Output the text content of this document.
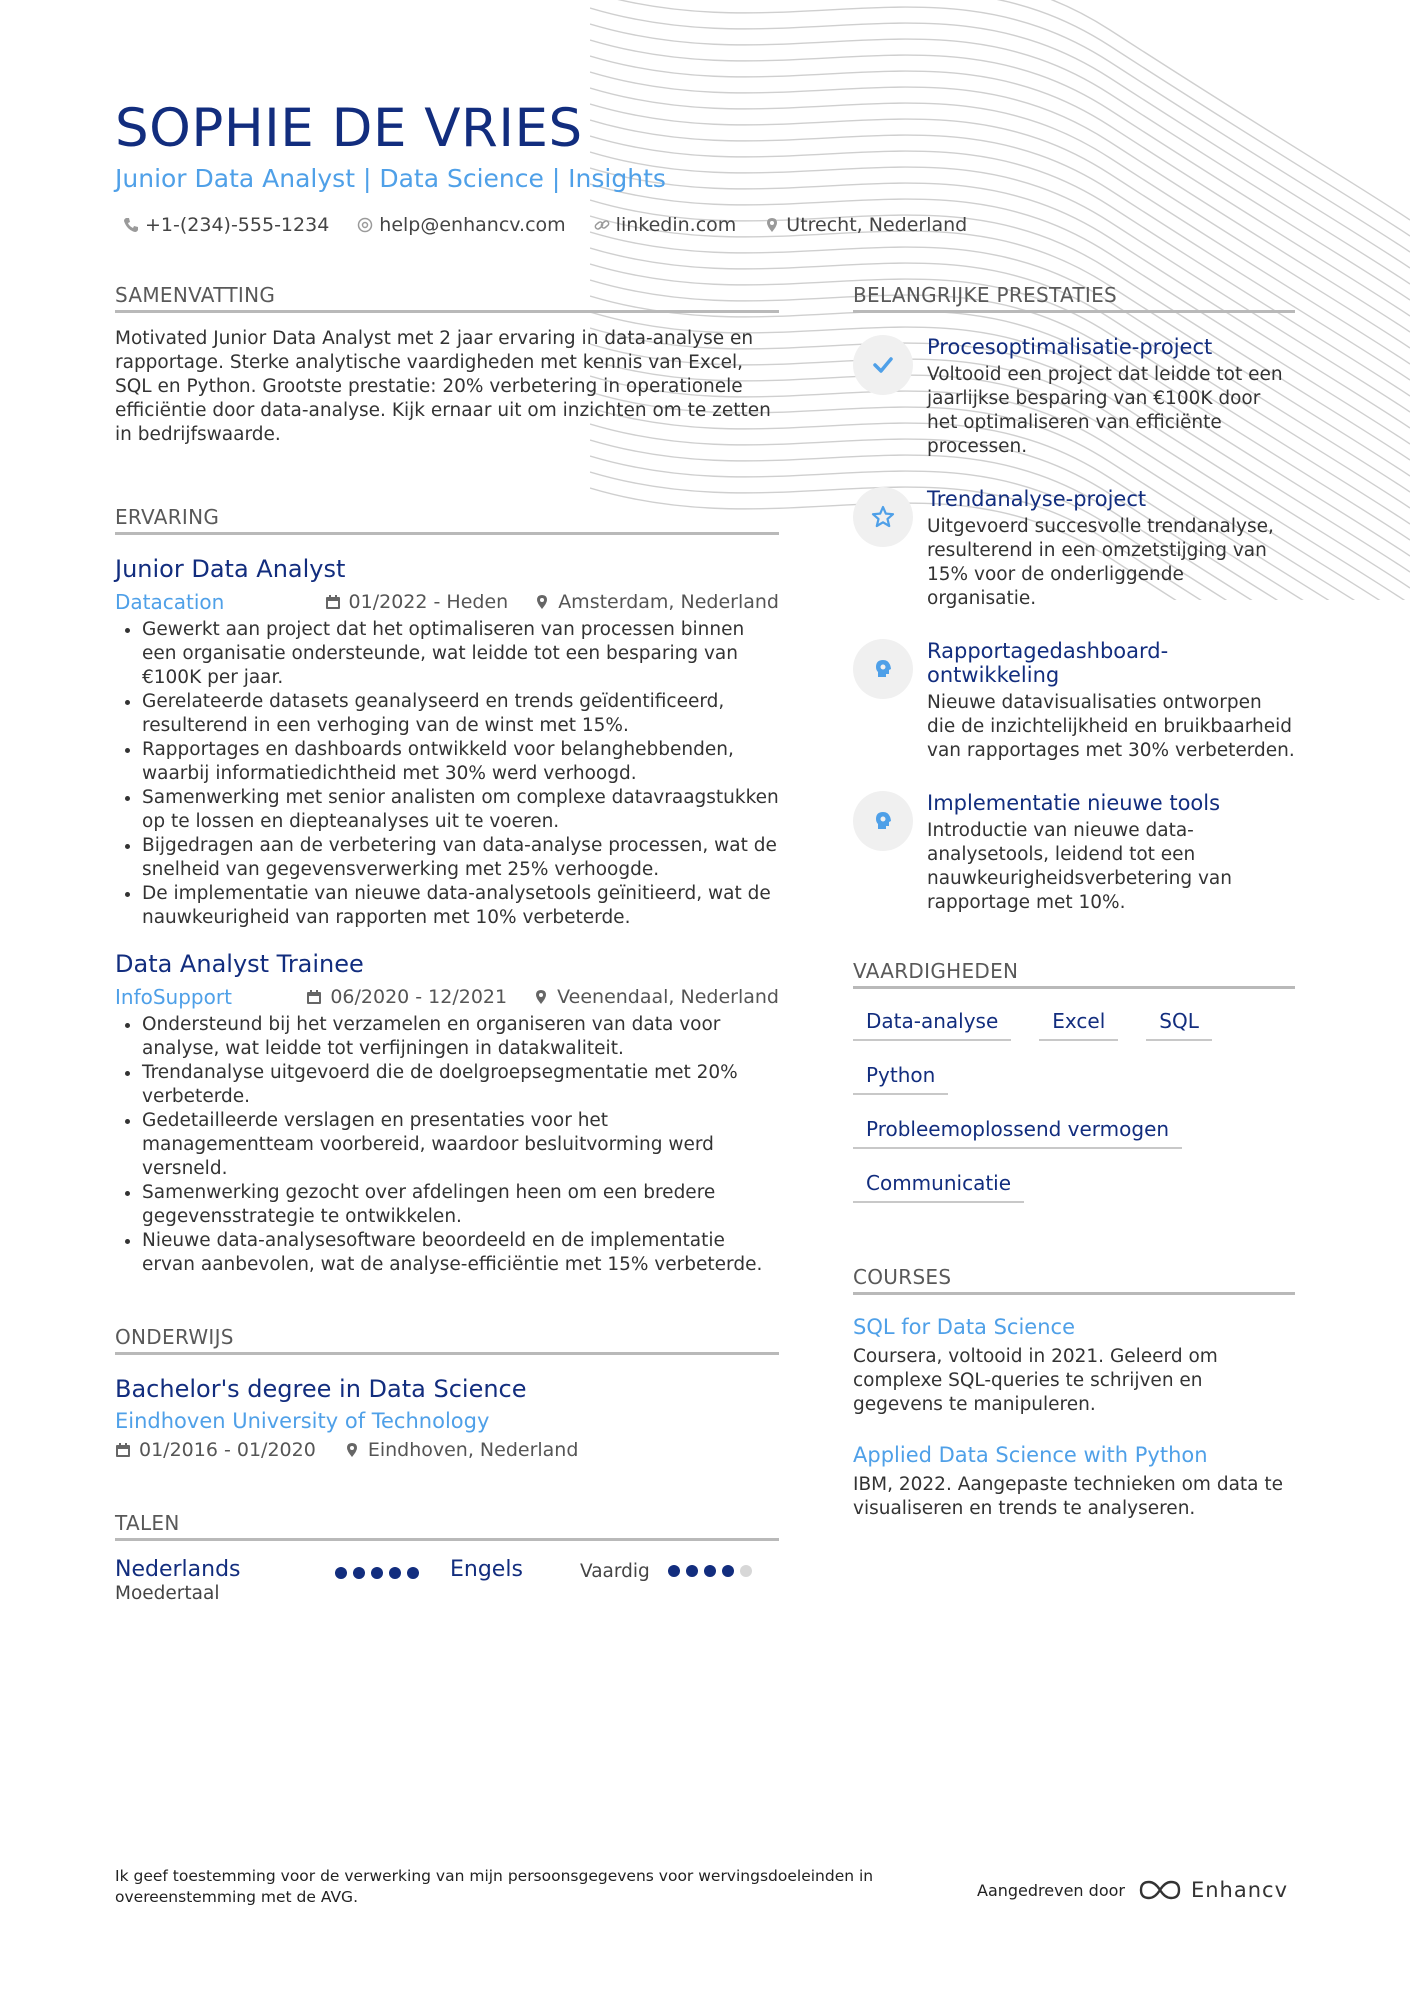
SOPHIE DE VRIES
Junior Data Analyst | Data Science | Insights
+1-(234)-555-1234	help@enhancv.com	linkedin.com	Utrecht, Nederland
SAMENVATTING
Motivated Junior Data Analyst met 2 jaar ervaring in data-analyse en rapportage. Sterke analytische vaardigheden met kennis van Excel, SQL en Python. Grootste prestatie: 20% verbetering in operationele efficiëntie door data-analyse. Kijk ernaar uit om inzichten om te zetten in bedrijfswaarde.
ERVARING
Junior Data Analyst
Datacation	01/2022 - Heden	Amsterdam, Nederland
• Gewerkt aan project dat het optimaliseren van processen binnen een organisatie ondersteunde, wat leidde tot een besparing van €100K per jaar.
• Gerelateerde datasets geanalyseerd en trends geïdentificeerd, resulterend in een verhoging van de winst met 15%.
• Rapportages en dashboards ontwikkeld voor belanghebbenden, waarbij informatiedichtheid met 30% werd verhoogd.
• Samenwerking met senior analisten om complexe datavraagstukken op te lossen en diepteanalyses uit te voeren.
• Bijgedragen aan de verbetering van data-analyse processen, wat de snelheid van gegevensverwerking met 25% verhoogde.
• De implementatie van nieuwe data-analysetools geïnitieerd, wat de nauwkeurigheid van rapporten met 10% verbeterde.
Data Analyst Trainee
InfoSupport	06/2020 - 12/2021	Veenendaal, Nederland
• Ondersteund bij het verzamelen en organiseren van data voor analyse, wat leidde tot verfijningen in datakwaliteit.
• Trendanalyse uitgevoerd die de doelgroepsegmentatie met 20% verbeterde.
• Gedetailleerde verslagen en presentaties voor het managementteam voorbereid, waardoor besluitvorming werd versneld.
• Samenwerking gezocht over afdelingen heen om een bredere gegevensstrategie te ontwikkelen.
• Nieuwe data-analysesoftware beoordeeld en de implementatie ervan aanbevolen, wat de analyse-efficiëntie met 15% verbeterde.
ONDERWIJS
Bachelor's degree in Data Science
Eindhoven University of Technology
01/2016 - 01/2020	Eindhoven, Nederland
TALEN
Nederlands
Moedertaal
Engels	Vaardig
BELANGRIJKE PRESTATIES
Procesoptimalisatie-project
Voltooid een project dat leidde tot een jaarlijkse besparing van €100K door het optimaliseren van efficiënte processen.
Trendanalyse-project
Uitgevoerd succesvolle trendanalyse, resulterend in een omzetstijging van 15% voor de onderliggende organisatie.
Rapportagedashboard-ontwikkeling
Nieuwe datavisualisaties ontworpen die de inzichtelijkheid en bruikbaarheid van rapportages met 30% verbeterden.
Implementatie nieuwe tools
Introductie van nieuwe data-analysetools, leidend tot een nauwkeurigheidsverbetering van rapportage met 10%.
VAARDIGHEDEN
Data-analyse	Excel	SQL
Python
Probleemoplossend vermogen
Communicatie
COURSES
SQL for Data Science
Coursera, voltooid in 2021. Geleerd om complexe SQL-queries te schrijven en gegevens te manipuleren.
Applied Data Science with Python
IBM, 2022. Aangepaste technieken om data te visualiseren en trends te analyseren.
Ik geef toestemming voor de verwerking van mijn persoonsgegevens voor wervingsdoeleinden in overeenstemming met de AVG.	Aangedreven door	Enhancv
